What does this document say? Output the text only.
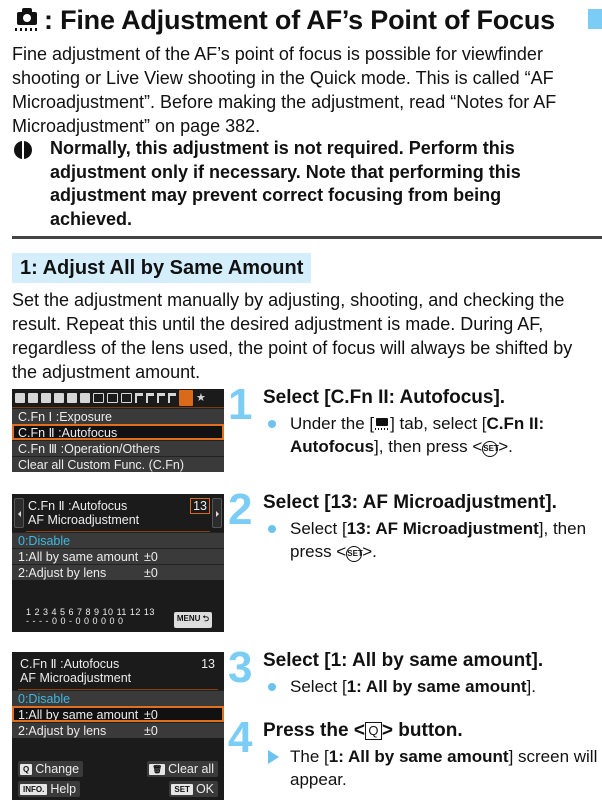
: Fine Adjustment of AF’s Point of Focus

Fine adjustment of the AF’s point of focus is possible for viewfinder shooting or Live View shooting in the Quick mode. This is called “AF Microadjustment”. Before making the adjustment, read “Notes for AF Microadjustment” on page 382.

Normally, this adjustment is not required. Perform this adjustment only if necessary. Note that performing this adjustment may prevent correct focusing from being achieved.

1: Adjust All by Same Amount

Set the adjustment manually by adjusting, shooting, and checking the result. Repeat this until the desired adjustment is made. During AF, regardless of the lens used, the point of focus will always be shifted by the adjustment amount.

★
C.Fn Ⅰ :Exposure
C.Fn Ⅱ :Autofocus
C.Fn Ⅲ :Operation/Others
Clear all Custom Func. (C.Fn)
C.Fn Ⅱ :Autofocus
AF Microadjustment
13
0:Disable
1:All by same amount ±0
2:Adjust by lens	±0
1 2 3 4 5 6 7 8 9 10 11 12 13
- - - - 0 0 - 0 0 0 0 0 0	MENU ⮌
C.Fn Ⅱ :Autofocus
AF Microadjustment
13
0:Disable
1:All by same amount ±0
2:Adjust by lens	±0
Q Change	🗑 Clear all
INFO. Help	SET OK
1 Select [C.Fn II: Autofocus].
Under the [ ] tab, select [C.Fn II: Autofocus], then press <SET>.
2 Select [13: AF Microadjustment].
Select [13: AF Microadjustment], then press <SET>.
3 Select [1: All by same amount].
Select [1: All by same amount].
4 Press the < Q > button.
The [1: All by same amount] screen will appear.
